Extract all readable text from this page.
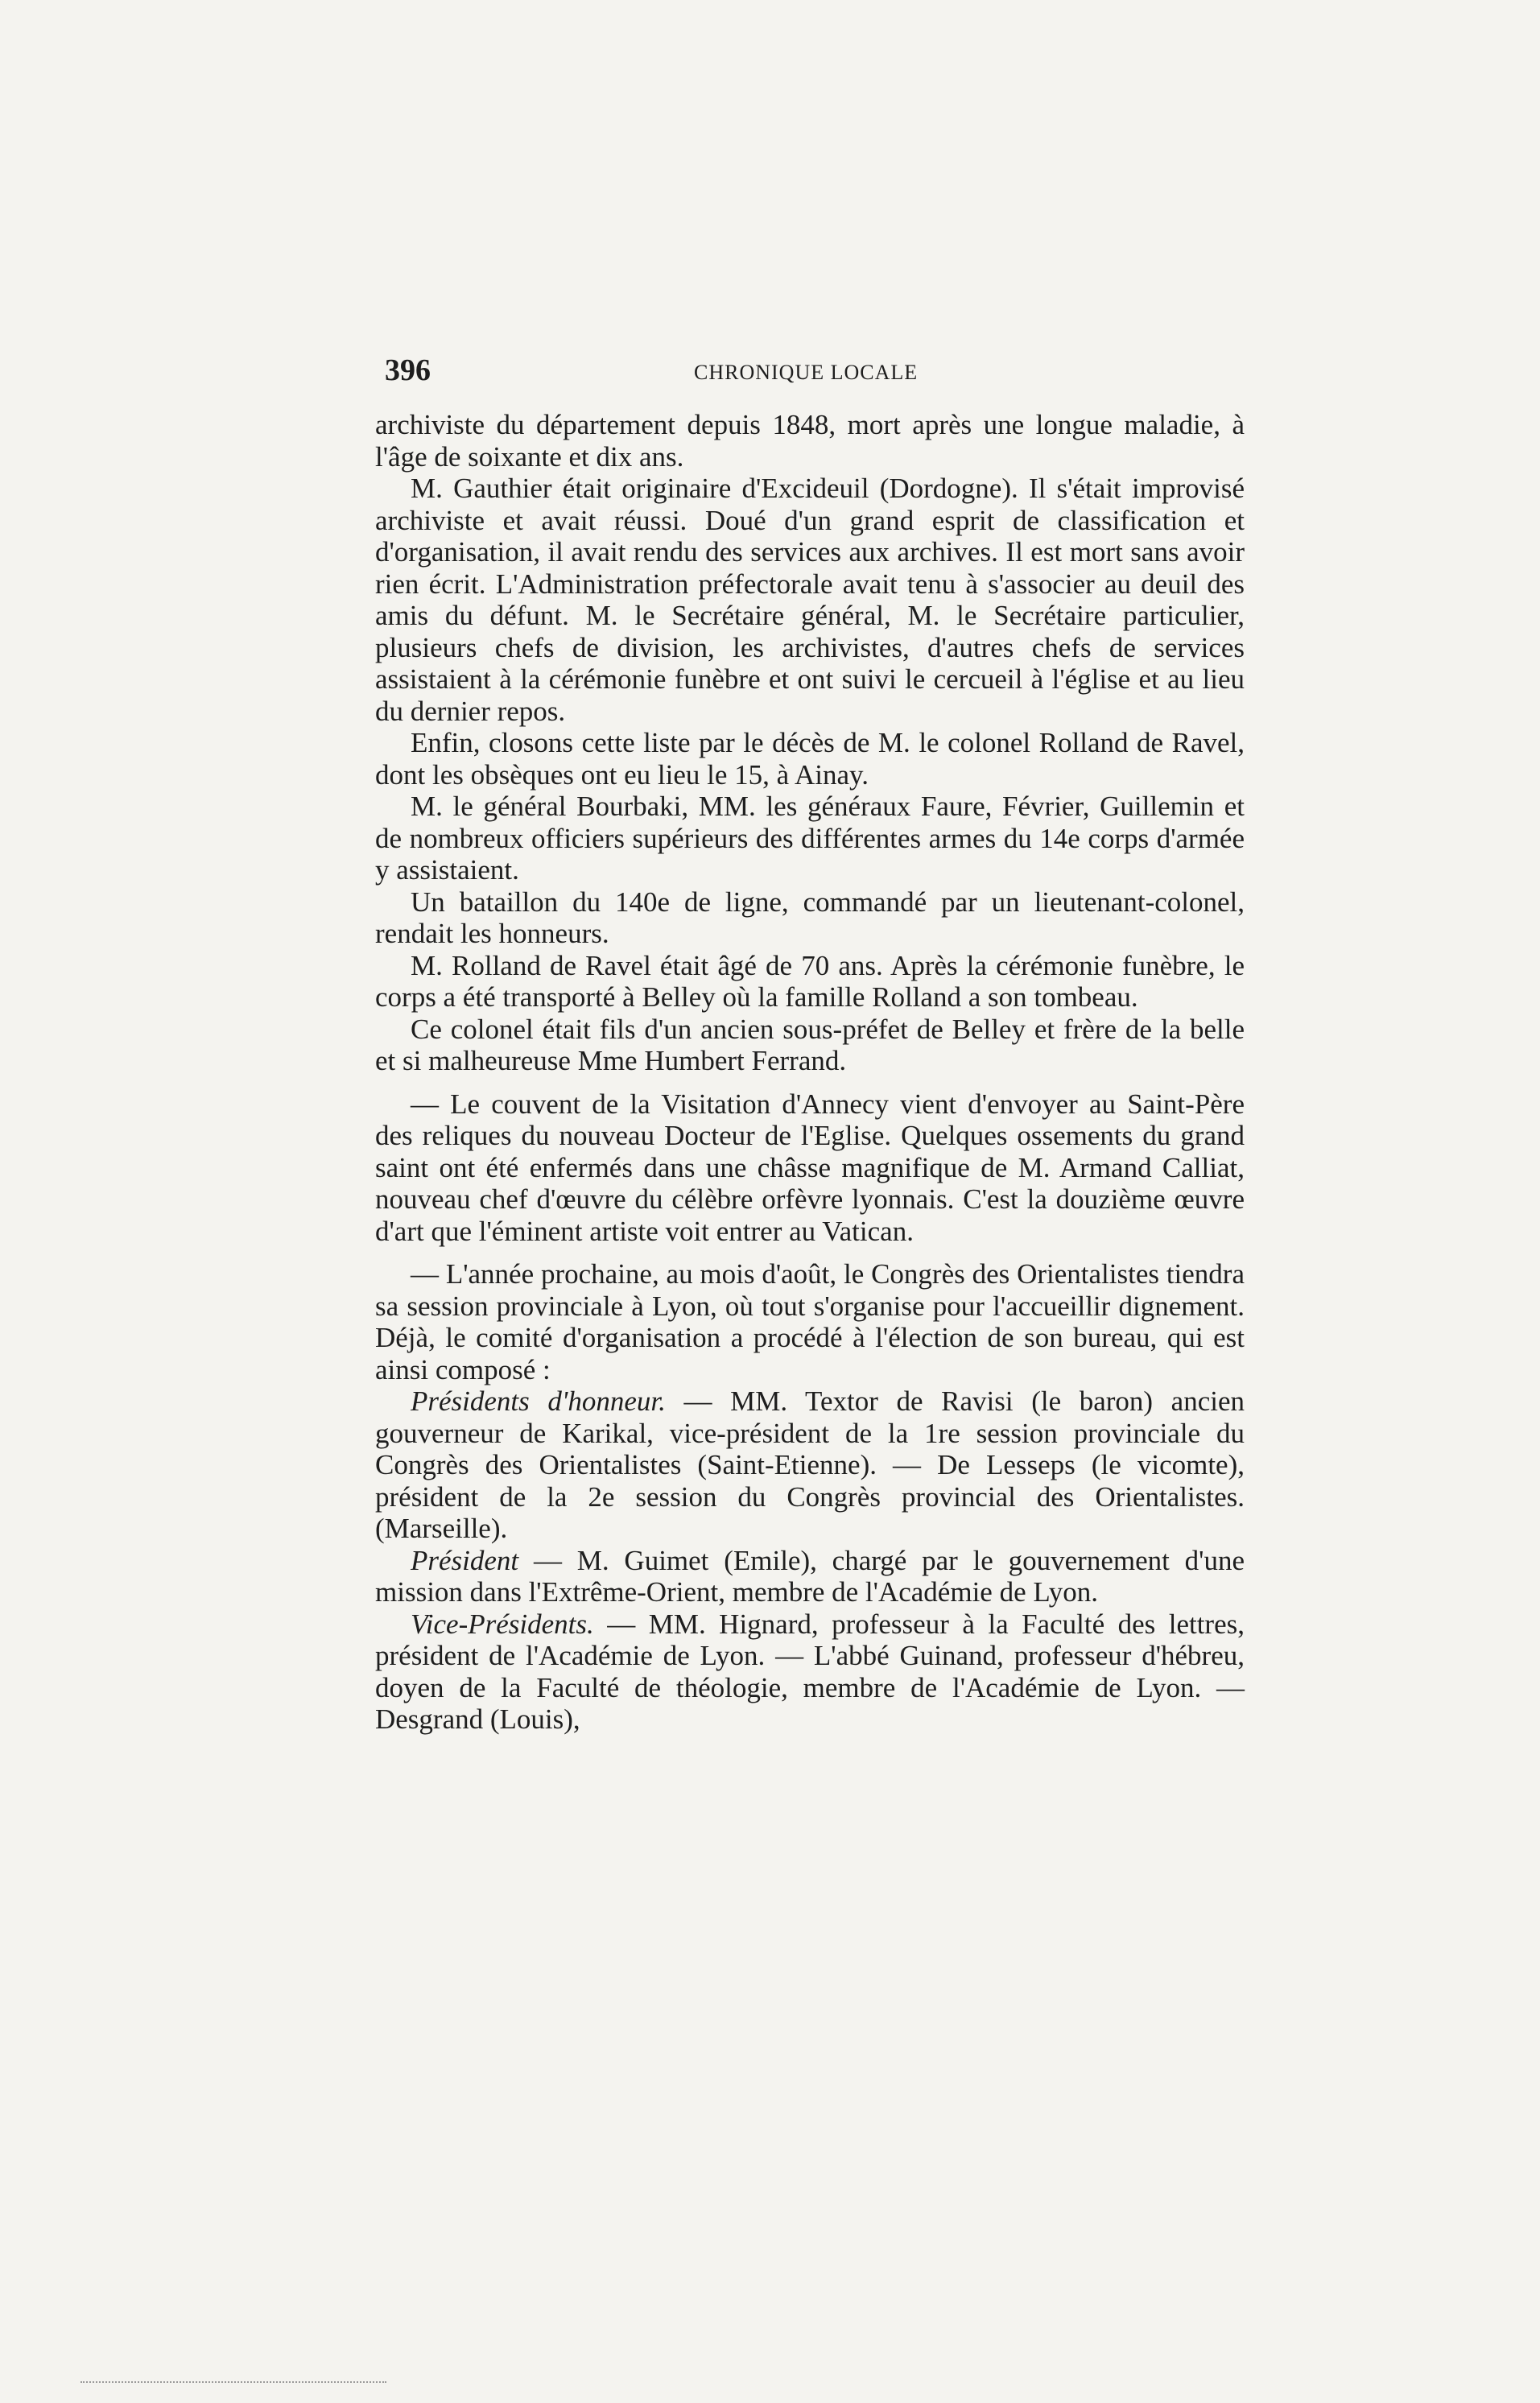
396	CHRONIQUE LOCALE

archiviste du département depuis 1848, mort après une longue maladie, à l'âge de soixante et dix ans.

M. Gauthier était originaire d'Excideuil (Dordogne). Il s'était improvisé archiviste et avait réussi. Doué d'un grand esprit de classification et d'organisation, il avait rendu des services aux archives. Il est mort sans avoir rien écrit. L'Administration préfectorale avait tenu à s'associer au deuil des amis du défunt. M. le Secrétaire général, M. le Secrétaire particulier, plusieurs chefs de division, les archivistes, d'autres chefs de services assistaient à la cérémonie funèbre et ont suivi le cercueil à l'église et au lieu du dernier repos.

Enfin, closons cette liste par le décès de M. le colonel Rolland de Ravel, dont les obsèques ont eu lieu le 15, à Ainay.

M. le général Bourbaki, MM. les généraux Faure, Février, Guillemin et de nombreux officiers supérieurs des différentes armes du 14e corps d'armée y assistaient.

Un bataillon du 140e de ligne, commandé par un lieutenant-colonel, rendait les honneurs.

M. Rolland de Ravel était âgé de 70 ans. Après la cérémonie funèbre, le corps a été transporté à Belley où la famille Rolland a son tombeau.

Ce colonel était fils d'un ancien sous-préfet de Belley et frère de la belle et si malheureuse Mme Humbert Ferrand.

— Le couvent de la Visitation d'Annecy vient d'envoyer au Saint-Père des reliques du nouveau Docteur de l'Eglise. Quelques ossements du grand saint ont été enfermés dans une châsse magnifique de M. Armand Calliat, nouveau chef d'œuvre du célèbre orfèvre lyonnais. C'est la douzième œuvre d'art que l'éminent artiste voit entrer au Vatican.

— L'année prochaine, au mois d'août, le Congrès des Orientalistes tiendra sa session provinciale à Lyon, où tout s'organise pour l'accueillir dignement. Déjà, le comité d'organisation a procédé à l'élection de son bureau, qui est ainsi composé :

Présidents d'honneur. — MM. Textor de Ravisi (le baron) ancien gouverneur de Karikal, vice-président de la 1re session provinciale du Congrès des Orientalistes (Saint-Etienne). — De Lesseps (le vicomte), président de la 2e session du Congrès provincial des Orientalistes. (Marseille).

Président — M. Guimet (Emile), chargé par le gouvernement d'une mission dans l'Extrême-Orient, membre de l'Académie de Lyon.

Vice-Présidents. — MM. Hignard, professeur à la Faculté des lettres, président de l'Académie de Lyon. — L'abbé Guinand, professeur d'hébreu, doyen de la Faculté de théologie, membre de l'Académie de Lyon. — Desgrand (Louis),
